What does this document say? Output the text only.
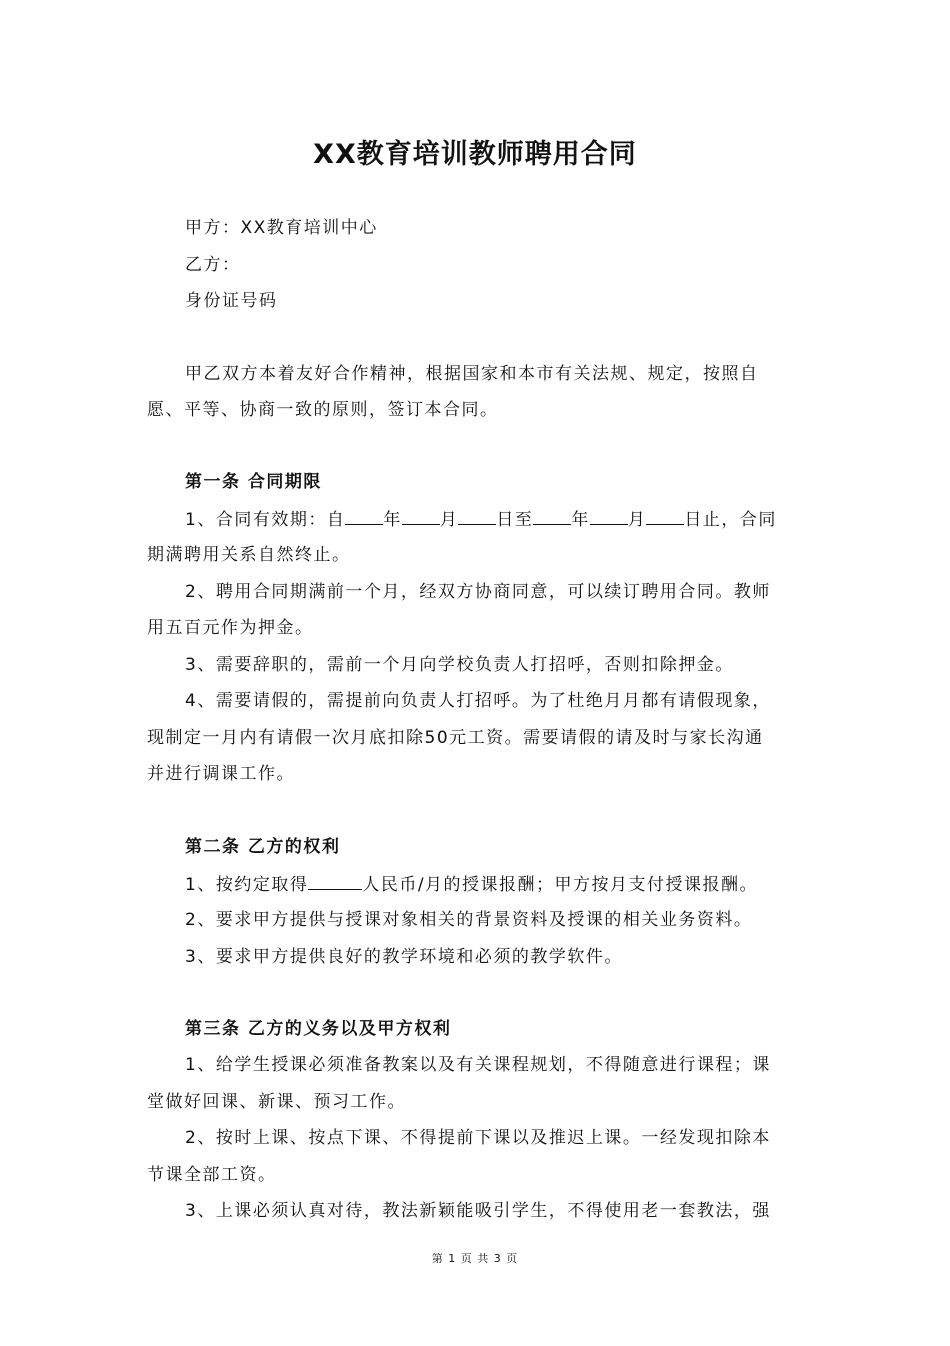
XX教育培训教师聘用合同
甲方：XX教育培训中心
乙方：
身份证号码
甲乙双方本着友好合作精神，根据国家和本市有关法规、规定，按照自
愿、平等、协商一致的原则，签订本合同。
第一条 合同期限
1、合同有效期：自 年 月 日至 年 月 日止，合同
期满聘用关系自然终止。
2、聘用合同期满前一个月，经双方协商同意，可以续订聘用合同。教师
用五百元作为押金。
3、需要辞职的，需前一个月向学校负责人打招呼，否则扣除押金。
4、需要请假的，需提前向负责人打招呼。为了杜绝月月都有请假现象，
现制定一月内有请假一次月底扣除50元工资。需要请假的请及时与家长沟通
并进行调课工作。
第二条 乙方的权利
1、按约定取得	人民币/月的授课报酬；甲方按月支付授课报酬。
2、要求甲方提供与授课对象相关的背景资料及授课的相关业务资料。
3、要求甲方提供良好的教学环境和必须的教学软件。
第三条 乙方的义务以及甲方权利
1、给学生授课必须准备教案以及有关课程规划，不得随意进行课程；课
堂做好回课、新课、预习工作。
2、按时上课、按点下课、不得提前下课以及推迟上课。一经发现扣除本
节课全部工资。
3、上课必须认真对待，教法新颖能吸引学生，不得使用老一套教法，强
第 1 页 共 3 页
